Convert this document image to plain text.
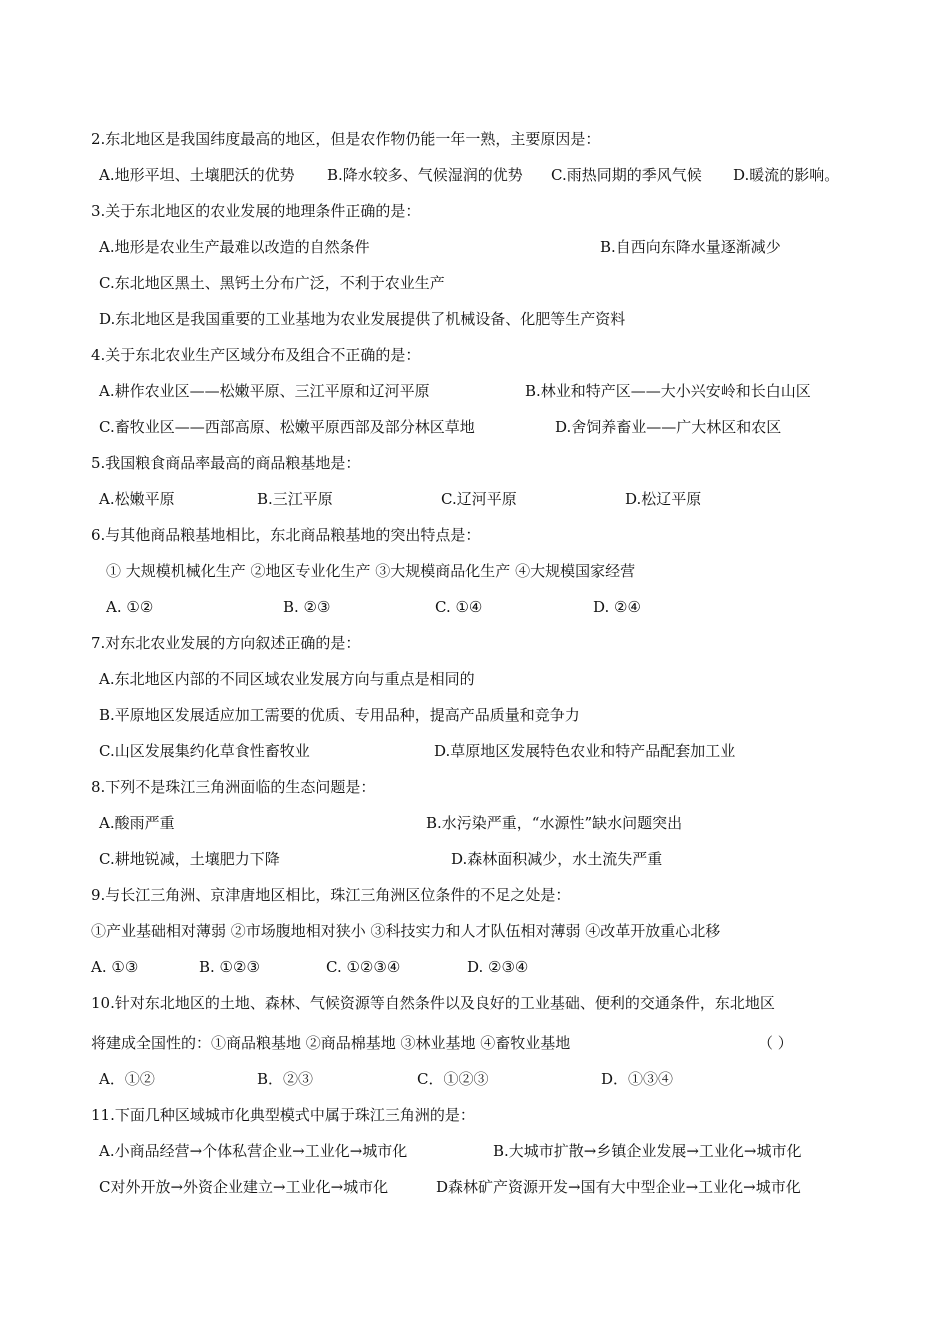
2.东北地区是我国纬度最高的地区，但是农作物仍能一年一熟，主要原因是：
A.地形平坦、土壤肥沃的优势 B.降水较多、气候湿润的优势 C.雨热同期的季风气候 D.暖流的影响。
3.关于东北地区的农业发展的地理条件正确的是：
A.地形是农业生产最难以改造的自然条件	B.自西向东降水量逐渐减少
C.东北地区黑土、黑钙土分布广泛，不利于农业生产
D.东北地区是我国重要的工业基地为农业发展提供了机械设备、化肥等生产资料
4.关于东北农业生产区域分布及组合不正确的是：
A.耕作农业区——松嫩平原、三江平原和辽河平原	B.林业和特产区——大小兴安岭和长白山区
C.畜牧业区——西部高原、松嫩平原西部及部分林区草地	D.舍饲养畜业——广大林区和农区
5.我国粮食商品率最高的商品粮基地是：
A.松嫩平原	B.三江平原	C.辽河平原	D.松辽平原
6.与其他商品粮基地相比，东北商品粮基地的突出特点是：
① 大规模机械化生产 ②地区专业化生产 ③大规模商品化生产 ④大规模国家经营
A. ①②	B. ②③	C. ①④	D. ②④
7.对东北农业发展的方向叙述正确的是：
A.东北地区内部的不同区域农业发展方向与重点是相同的
B.平原地区发展适应加工需要的优质、专用品种，提高产品质量和竞争力
C.山区发展集约化草食性畜牧业	D.草原地区发展特色农业和特产品配套加工业
8.下列不是珠江三角洲面临的生态问题是：
A.酸雨严重	B.水污染严重，“水源性”缺水问题突出
C.耕地锐减，土壤肥力下降	D.森林面积减少，水土流失严重
9.与长江三角洲、京津唐地区相比，珠江三角洲区位条件的不足之处是：
①产业基础相对薄弱 ②市场腹地相对狭小 ③科技实力和人才队伍相对薄弱 ④改革开放重心北移
A. ①③	B. ①②③	C. ①②③④	D. ②③④
10.针对东北地区的土地、森林、气候资源等自然条件以及良好的工业基础、便利的交通条件，东北地区
将建成全国性的：①商品粮基地 ②商品棉基地 ③林业基地 ④畜牧业基地	（ ）
A．①②	B．②③	C．①②③	D．①③④
11.下面几种区域城市化典型模式中属于珠江三角洲的是：
A.小商品经营→个体私营企业→工业化→城市化	B.大城市扩散→乡镇企业发展→工业化→城市化
C对外开放→外资企业建立→工业化→城市化	D森林矿产资源开发→国有大中型企业→工业化→城市化
